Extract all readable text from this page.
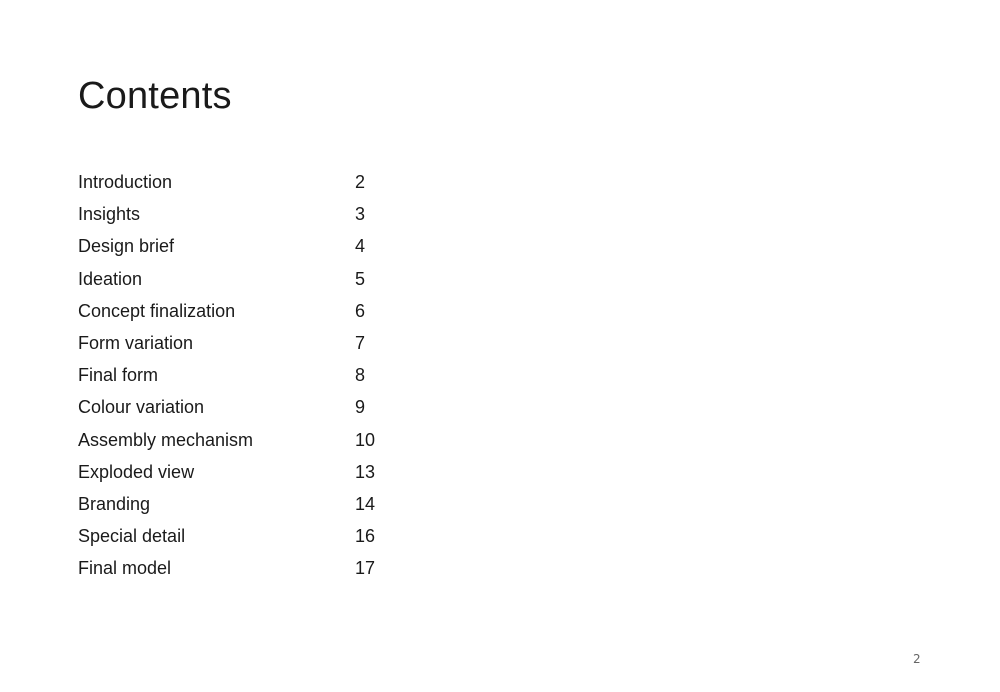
Contents
Introduction	2
Insights	3
Design brief	4
Ideation	5
Concept finalization	6
Form variation	7
Final form	8
Colour variation	9
Assembly mechanism	10
Exploded view	13
Branding	14
Special detail	16
Final model	17
2
